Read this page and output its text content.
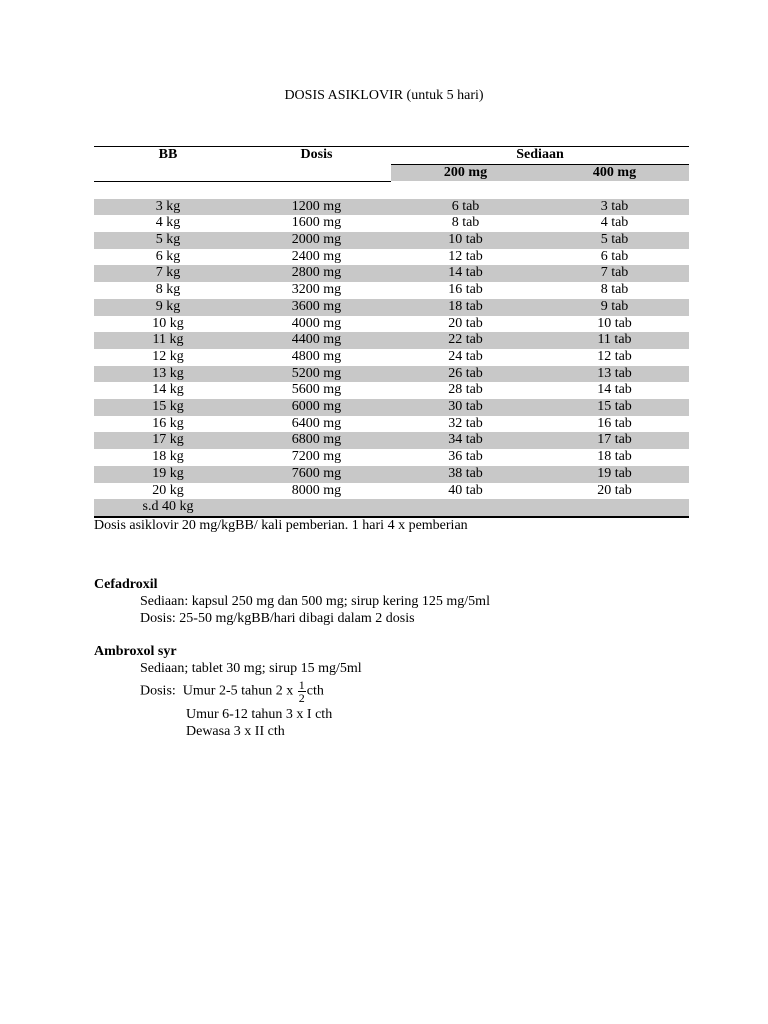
DOSIS ASIKLOVIR (untuk 5 hari)
BB	Dosis	Sediaan	
		200 mg	400 mg

3 kg	1200 mg	6 tab	3 tab
4 kg	1600 mg	8 tab	4 tab
5 kg	2000 mg	10 tab	5 tab
6 kg	2400 mg	12 tab	6 tab
7 kg	2800 mg	14 tab	7 tab
8 kg	3200 mg	16 tab	8 tab
9 kg	3600 mg	18 tab	9 tab
10 kg	4000 mg	20 tab	10 tab
11 kg	4400 mg	22 tab	11 tab
12 kg	4800 mg	24 tab	12 tab
13 kg	5200 mg	26 tab	13 tab
14 kg	5600 mg	28 tab	14 tab
15 kg	6000 mg	30 tab	15 tab
16 kg	6400 mg	32 tab	16 tab
17 kg	6800 mg	34 tab	17 tab
18 kg	7200 mg	36 tab	18 tab
19 kg	7600 mg	38 tab	19 tab
20 kg	8000 mg	40 tab	20 tab
s.d 40 kg			
Dosis asiklovir 20 mg/kgBB/ kali pemberian. 1 hari 4 x pemberian
Cefadroxil
Sediaan: kapsul 250 mg dan 500 mg; sirup kering 125 mg/5ml
Dosis: 25-50 mg/kgBB/hari dibagi dalam 2 dosis
Ambroxol syr
Sediaan; tablet 30 mg; sirup 15 mg/5ml
Dosis: Umur 2-5 tahun 2 x $\frac{1}{2}$ cth
Umur 6-12 tahun 3 x I cth
Dewasa 3 x II cth
